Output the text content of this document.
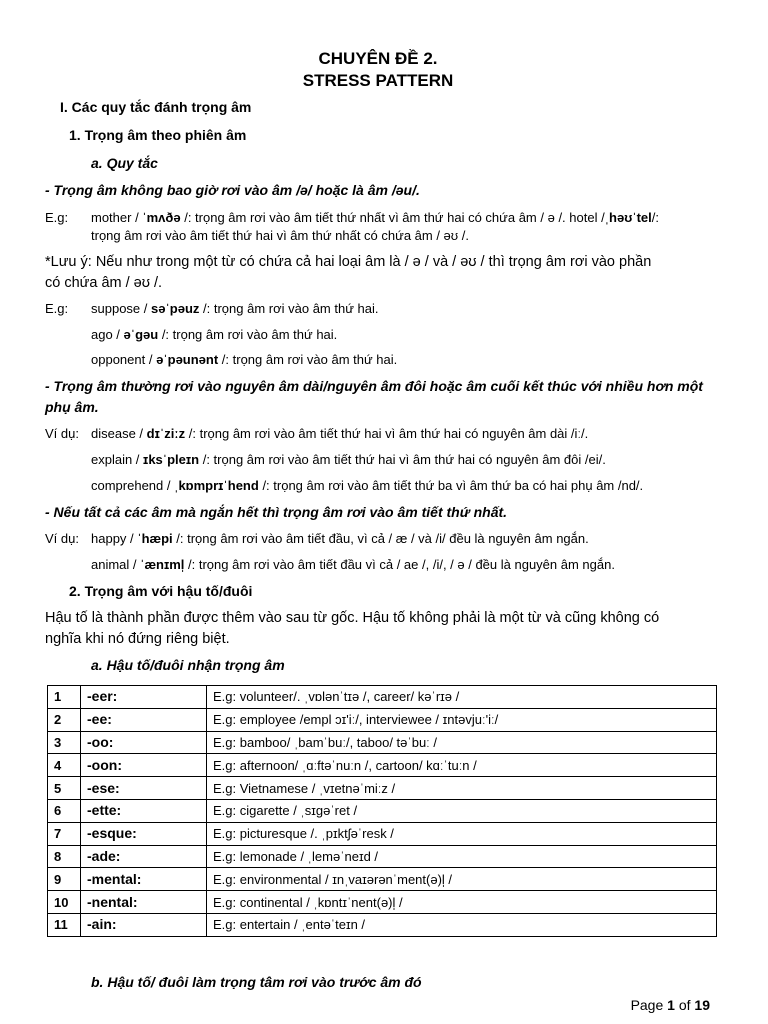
CHUYÊN ĐỀ 2.
STRESS PATTERN
I. Các quy tắc đánh trọng âm
1. Trọng âm theo phiên âm
a. Quy tắc
- Trọng âm không bao giờ rơi vào âm /ə/ hoặc là âm /əu/.
E.g: mother / ˈmʌðə /: trọng âm rơi vào âm tiết thứ nhất vì âm thứ hai có chứa âm / ə /. hotel /ˌhəʊˈtel/:
trọng âm rơi vào âm tiết thứ hai vì âm thứ nhất có chứa âm / əʊ /.
*Lưu ý: Nếu như trong một từ có chứa cả hai loại âm là / ə / và / əʊ / thì trọng âm rơi vào phần
có chứa âm / əʊ /.
E.g: suppose / səˈpəuz /: trọng âm rơi vào âm thứ hai.
ago / əˈgəu /: trọng âm rơi vào âm thứ hai.
opponent / əˈpəunənt /: trọng âm rơi vào âm thứ hai.
- Trọng âm thường rơi vào nguyên âm dài/nguyên âm đôi hoặc âm cuối kết thúc với nhiều hơn một
phụ âm.
Ví dụ: disease / dɪˈziːz /: trọng âm rơi vào âm tiết thứ hai vì âm thứ hai có nguyên âm dài /iː/.
explain / ɪksˈpleɪn /: trọng âm rơi vào âm tiết thứ hai vì âm thứ hai có nguyên âm đôi /ei/.
comprehend / ˌkɒmprɪˈhend /: trọng âm rơi vào âm tiết thứ ba vì âm thứ ba có hai phụ âm /nd/.
- Nếu tất cả các âm mà ngắn hết thì trọng âm rơi vào âm tiết thứ nhất.
Ví dụ: happy / ˈhæpi /: trọng âm rơi vào âm tiết đầu, vì cả / æ / và /i/ đều là nguyên âm ngắn.
animal / ˈænɪml̩ /: trọng âm rơi vào âm tiết đầu vì cả / ae /, /i/, / ə / đều là nguyên âm ngắn.
2. Trọng âm với hậu tố/đuôi
Hậu tố là thành phần được thêm vào sau từ gốc. Hậu tố không phải là một từ và cũng không có
nghĩa khi nó đứng riêng biệt.
a. Hậu tố/đuôi nhận trọng âm
1	-eer:	E.g: volunteer/. ˌvɒlənˈtɪə /, career/ kəˈrɪə /
2	-ee:	E.g: employee /empl ɔɪ'iː/, interviewee / ɪntəvjuː'iː/
3	-oo:	E.g: bamboo/ ˌbamˈbuː/, taboo/ təˈbuː /
4	-oon:	E.g: afternoon/ ˌɑːftəˈnuːn /, cartoon/ kɑːˈtuːn /
5	-ese:	E.g: Vietnamese / ˌvɪetnəˈmiːz /
6	-ette:	E.g: cigarette / ˌsɪɡəˈret /
7	-esque:	E.g: picturesque /. ˌpɪktʃəˈresk /
8	-ade:	E.g: lemonade / ˌleməˈneɪd /
9	-mental:	E.g: environmental / ɪnˌvaɪərənˈment(ə)l̩ /
10	-nental:	E.g: continental / ˌkɒntɪˈnent(ə)l̩ /
11	-ain:	E.g: entertain / ˌentəˈteɪn /
b. Hậu tố/ đuôi làm trọng tâm rơi vào trước âm đó
Page 1 of 19
